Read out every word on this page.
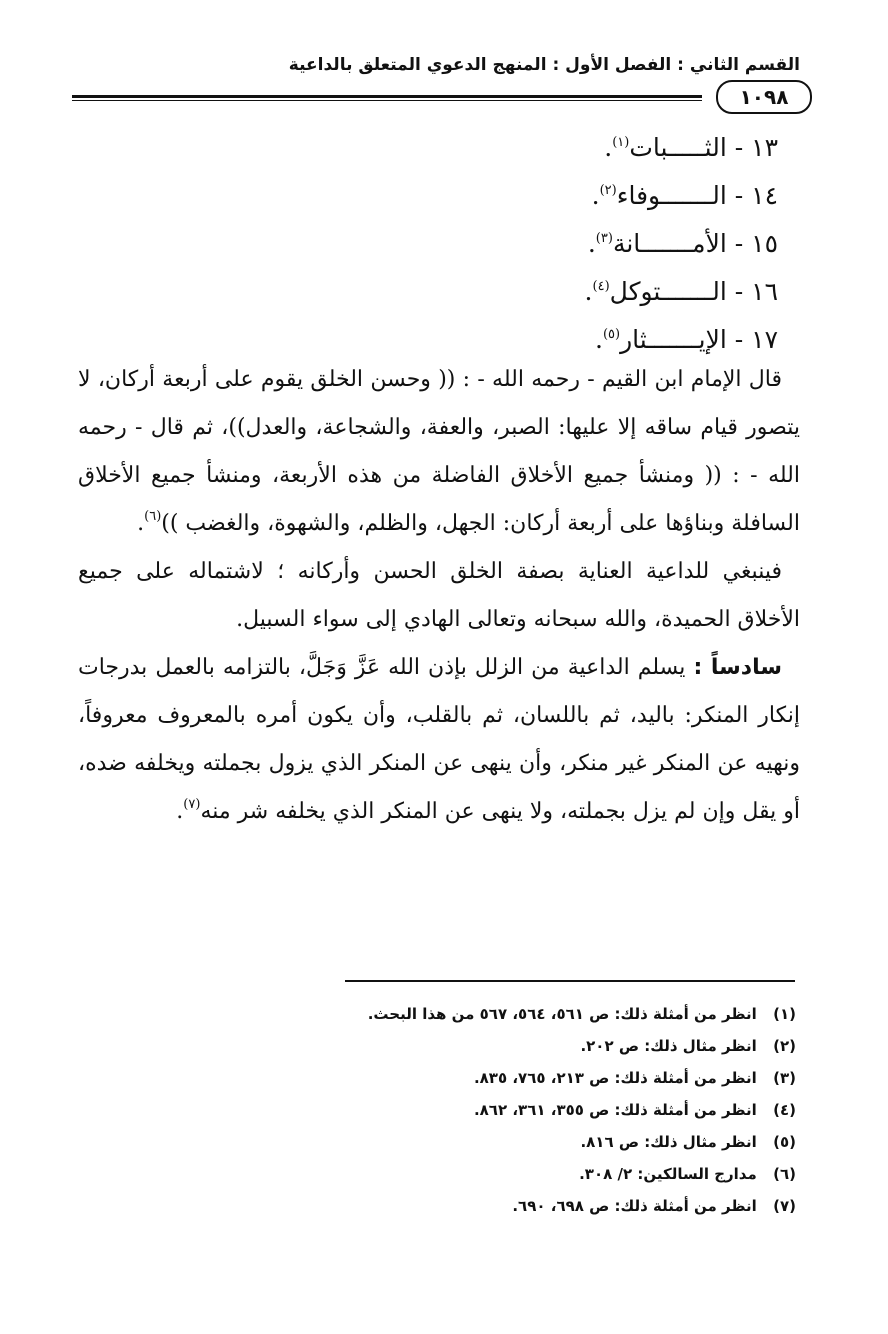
القسم الثاني : الفصل الأول : المنهج الدعوي المتعلق بالداعية
١٠٩٨
١٣ - الثـــــبات$^{(١)}$.
١٤ - الـــــــوفاء$^{(٢)}$.
١٥ - الأمـــــــانة$^{(٣)}$.
١٦ - الـــــــتوكل$^{(٤)}$.
١٧ - الإيـــــــثار$^{(٥)}$.

قال الإمام ابن القيم - رحمه الله - : (( وحسن الخلق يقوم على أربعة أركان، لا يتصور قيام ساقه إلا عليها: الصبر، والعفة، والشجاعة، والعدل))، ثم قال - رحمه الله - : (( ومنشأ جميع الأخلاق الفاضلة من هذه الأربعة، ومنشأ جميع الأخلاق السافلة وبناؤها على أربعة أركان: الجهل، والظلم، والشهوة، والغضب ))$^{(٦)}$.

فينبغي للداعية العناية بصفة الخلق الحسن وأركانه ؛ لاشتماله على جميع الأخلاق الحميدة، والله سبحانه وتعالى الهادي إلى سواء السبيل.

سادساً : يسلم الداعية من الزلل بإذن الله عَزَّ وَجَلَّ، بالتزامه بالعمل بدرجات إنكار المنكر: باليد، ثم باللسان، ثم بالقلب، وأن يكون أمره بالمعروف معروفاً، ونهيه عن المنكر غير منكر، وأن ينهى عن المنكر الذي يزول بجملته ويخلفه ضده، أو يقل وإن لم يزل بجملته، ولا ينهى عن المنكر الذي يخلفه شر منه$^{(٧)}$.

(١) انظر من أمثلة ذلك: ص ٥٦١، ٥٦٤، ٥٦٧ من هذا البحث.
(٢) انظر مثال ذلك: ص ٢٠٢.
(٣) انظر من أمثلة ذلك: ص ٢١٣، ٧٦٥، ٨٣٥.
(٤) انظر من أمثلة ذلك: ص ٣٥٥، ٣٦١، ٨٦٢.
(٥) انظر مثال ذلك: ص ٨١٦.
(٦) مدارج السالكين: ٢/ ٣٠٨.
(٧) انظر من أمثلة ذلك: ص ٦٩٨، ٦٩٠.
